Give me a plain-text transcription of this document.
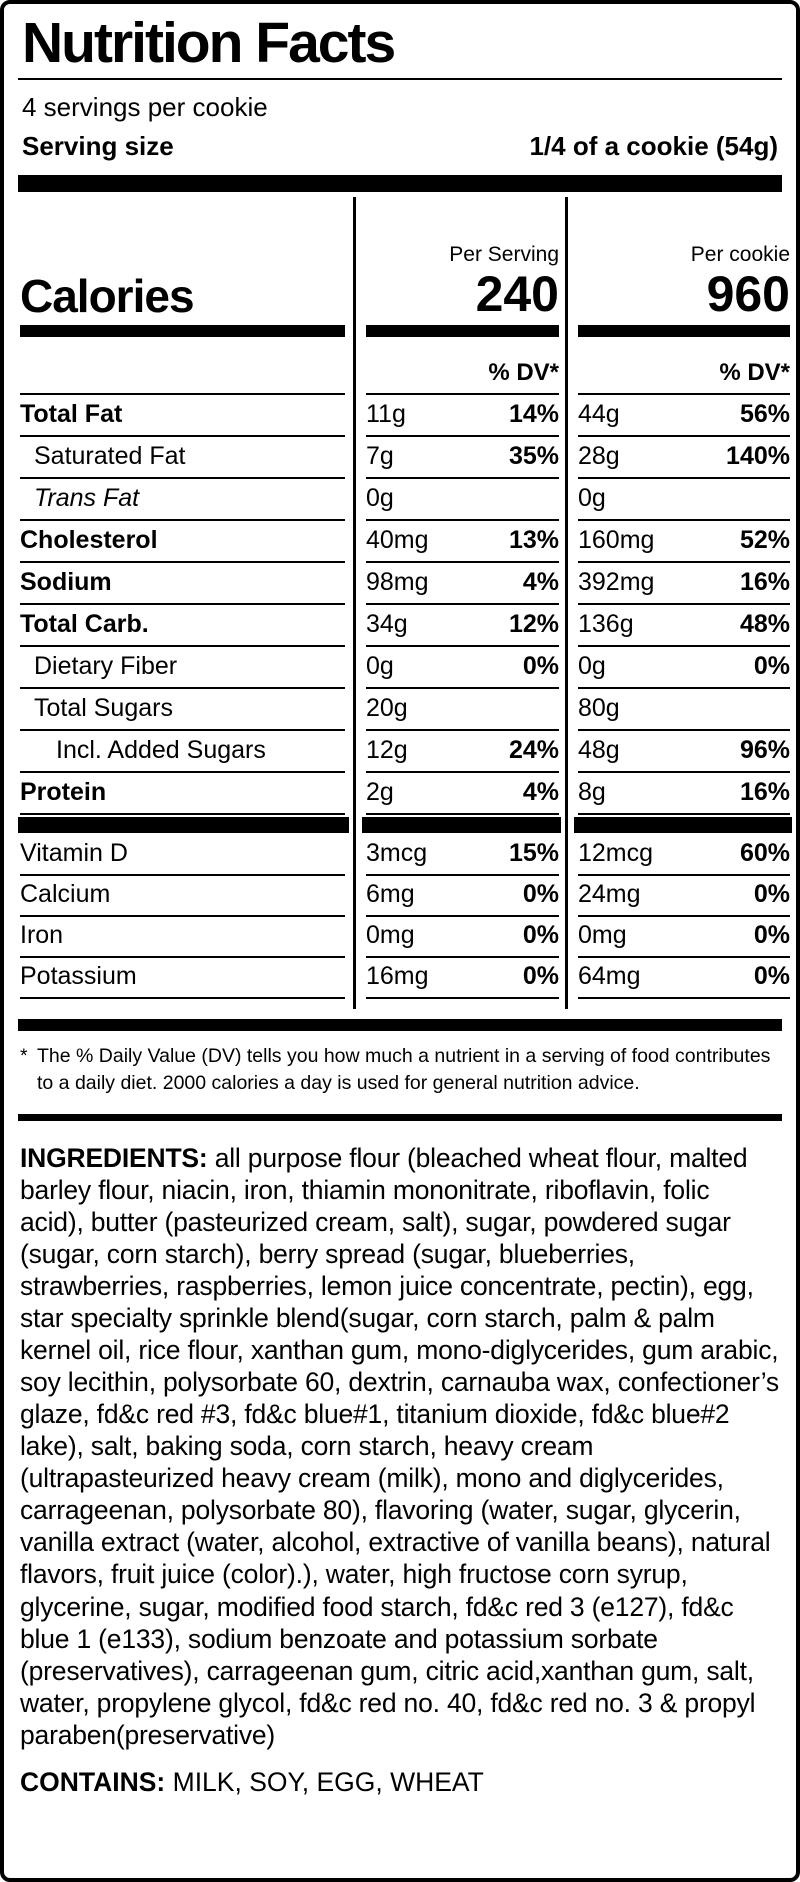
Nutrition Facts
4 servings per cookie
Serving size	1/4 of a cookie (54g)
Calories
Per Serving
240
Per cookie
960
% DV*	% DV*
Total Fat	11g	14% 44g	56%
Saturated Fat	7g	35% 28g	140%
Trans Fat	0g	0g
Cholesterol	40mg	13% 160mg	52%
Sodium	98mg	4% 392mg	16%
Total Carb.	34g	12% 136g	48%
Dietary Fiber	0g	0% 0g	0%
Total Sugars	20g	80g
Incl. Added Sugars	12g	24% 48g	96%
Protein	2g	4% 8g	16%
Vitamin D	3mcg	15% 12mcg	60%
Calcium	6mg	0% 24mg	0%
Iron	0mg	0% 0mg	0%
Potassium	16mg	0% 64mg	0%
* The % Daily Value (DV) tells you how much a nutrient in a serving of food contributes to a daily diet. 2000 calories a day is used for general nutrition advice.

INGREDIENTS: all purpose flour (bleached wheat flour, malted barley flour, niacin, iron, thiamin mononitrate, riboflavin, folic acid), butter (pasteurized cream, salt), sugar, powdered sugar (sugar, corn starch), berry spread (sugar, blueberries, strawberries, raspberries, lemon juice concentrate, pectin), egg, star specialty sprinkle blend(sugar, corn starch, palm & palm kernel oil, rice flour, xanthan gum, mono-diglycerides, gum arabic, soy lecithin, polysorbate 60, dextrin, carnauba wax, confectioner’s glaze, fd&c red #3, fd&c blue#1, titanium dioxide, fd&c blue#2 lake), salt, baking soda, corn starch, heavy cream (ultrapasteurized heavy cream (milk), mono and diglycerides, carrageenan, polysorbate 80), flavoring (water, sugar, glycerin, vanilla extract (water, alcohol, extractive of vanilla beans), natural flavors, fruit juice (color).), water, high fructose corn syrup, glycerine, sugar, modified food starch, fd&c red 3 (e127), fd&c blue 1 (e133), sodium benzoate and potassium sorbate (preservatives), carrageenan gum, citric acid,xanthan gum, salt, water, propylene glycol, fd&c red no. 40, fd&c red no. 3 & propyl paraben(preservative)

CONTAINS: MILK, SOY, EGG, WHEAT
